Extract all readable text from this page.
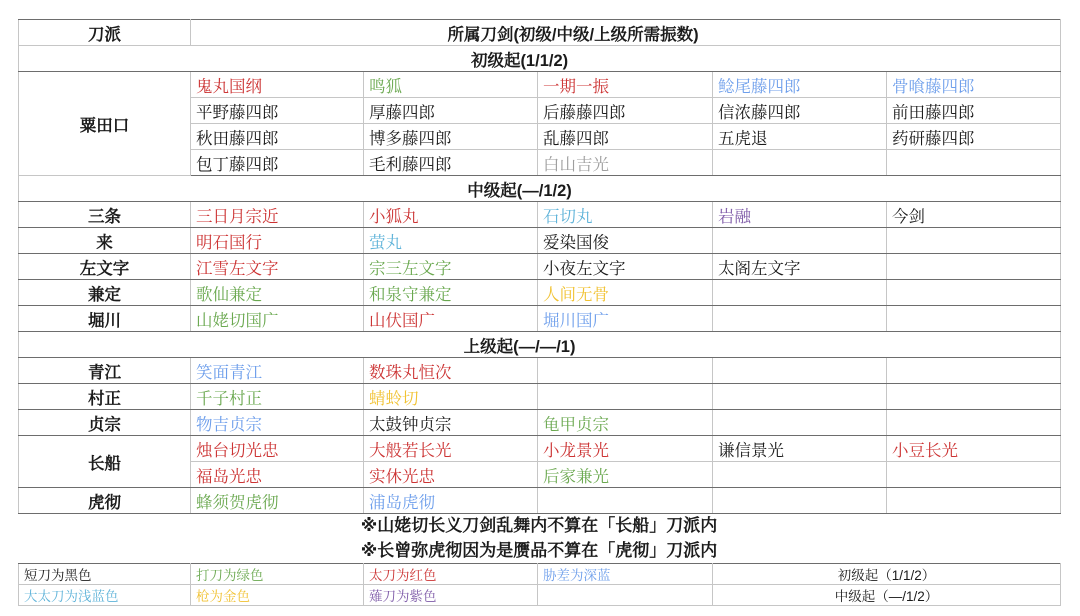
刀派	所属刀剑(初级/中级/上级所需振数)				
初级起(1/1/2)					
粟田口	鬼丸国纲	鸣狐	一期一振	鲶尾藤四郎	骨喰藤四郎
	平野藤四郎	厚藤四郎	后藤藤四郎	信浓藤四郎	前田藤四郎
	秋田藤四郎	博多藤四郎	乱藤四郎	五虎退	药研藤四郎
	包丁藤四郎	毛利藤四郎	白山吉光		
中级起(—/1/2)					
三条	三日月宗近	小狐丸	石切丸	岩融	今剑
来	明石国行	萤丸	爱染国俊		
左文字	江雪左文字	宗三左文字	小夜左文字	太阁左文字	
兼定	歌仙兼定	和泉守兼定	人间无骨		
堀川	山姥切国广	山伏国广	堀川国广		
上级起(—/—/1)					
青江	笑面青江	数珠丸恒次			
村正	千子村正	蜻蛉切			
贞宗	物吉贞宗	太鼓钟贞宗	龟甲贞宗		
长船	烛台切光忠	大般若长光	小龙景光	谦信景光	小豆长光
	福岛光忠	实休光忠	后家兼光		
虎彻	蜂须贺虎彻	浦岛虎彻			
※山姥切长义刀剑乱舞内不算在「长船」刀派内
※长曾弥虎彻因为是赝品不算在「虎彻」刀派内
短刀为黑色	打刀为绿色	太刀为红色	胁差为深蓝	初级起（1/1/2）
大太刀为浅蓝色	枪为金色	薙刀为紫色		中级起（—/1/2）
